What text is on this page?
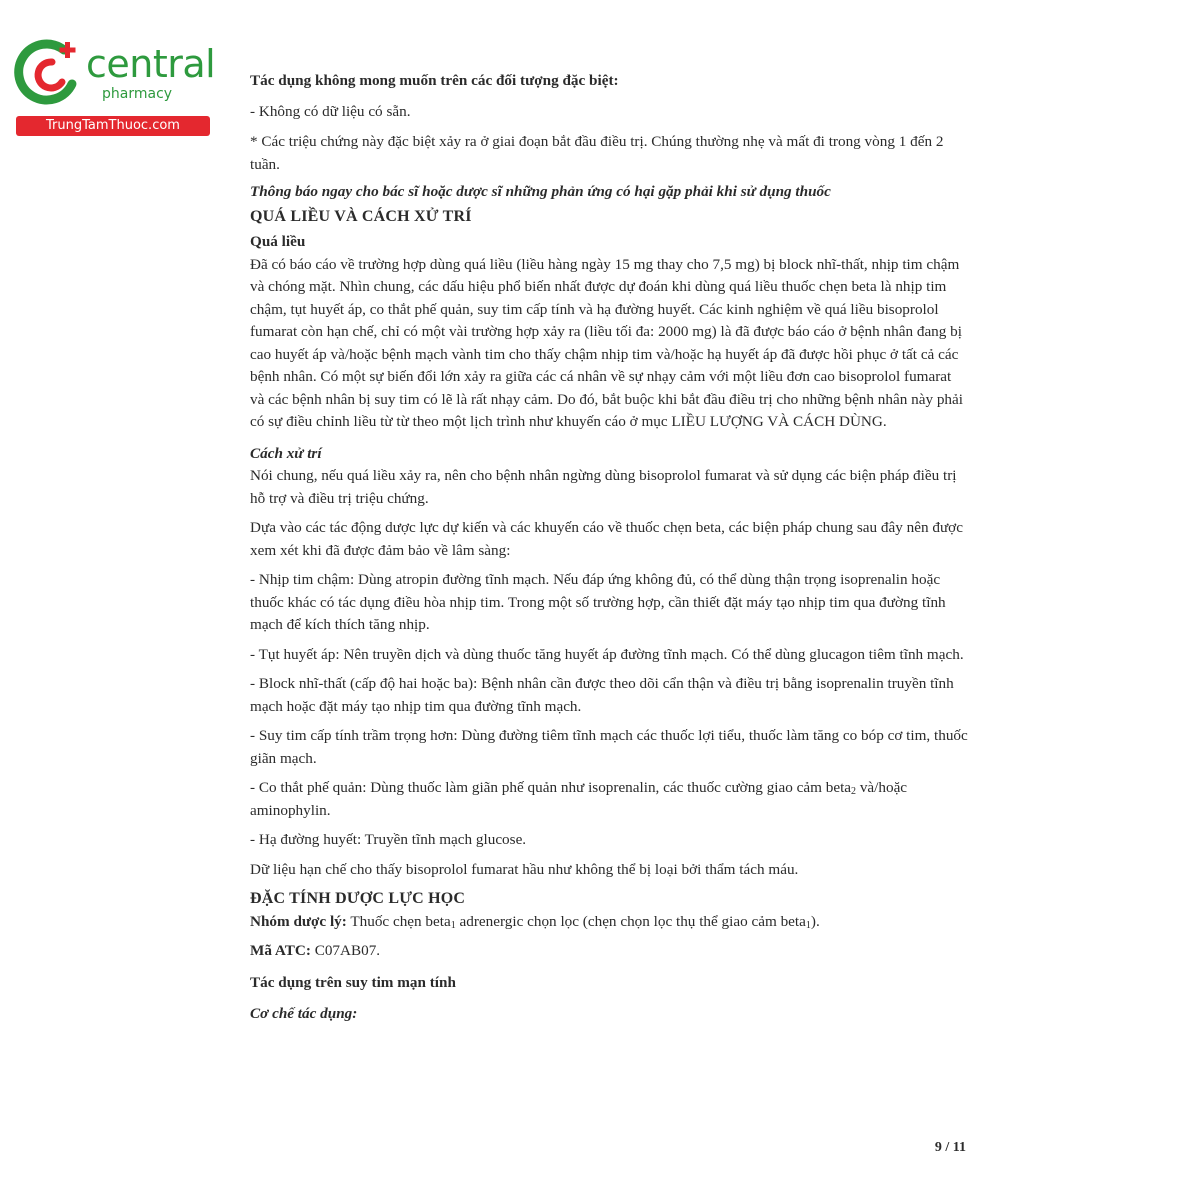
central
pharmacy
TrungTamThuoc.com

Tác dụng không mong muốn trên các đối tượng đặc biệt:

- Không có dữ liệu có sẵn.

* Các triệu chứng này đặc biệt xảy ra ở giai đoạn bắt đầu điều trị. Chúng thường nhẹ và mất đi trong vòng 1 đến 2 tuần.

Thông báo ngay cho bác sĩ hoặc dược sĩ những phản ứng có hại gặp phải khi sử dụng thuốc

QUÁ LIỀU VÀ CÁCH XỬ TRÍ

Quá liều

Đã có báo cáo về trường hợp dùng quá liều (liều hàng ngày 15 mg thay cho 7,5 mg) bị block nhĩ-thất, nhịp tim chậm và chóng mặt. Nhìn chung, các dấu hiệu phổ biến nhất được dự đoán khi dùng quá liều thuốc chẹn beta là nhịp tim chậm, tụt huyết áp, co thắt phế quản, suy tim cấp tính và hạ đường huyết. Các kinh nghiệm về quá liều bisoprolol fumarat còn hạn chế, chỉ có một vài trường hợp xảy ra (liều tối đa: 2000 mg) là đã được báo cáo ở bệnh nhân đang bị cao huyết áp và/hoặc bệnh mạch vành tim cho thấy chậm nhịp tim và/hoặc hạ huyết áp đã được hồi phục ở tất cả các bệnh nhân. Có một sự biến đổi lớn xảy ra giữa các cá nhân về sự nhạy cảm với một liều đơn cao bisoprolol fumarat và các bệnh nhân bị suy tim có lẽ là rất nhạy cảm. Do đó, bắt buộc khi bắt đầu điều trị cho những bệnh nhân này phải có sự điều chỉnh liều từ từ theo một lịch trình như khuyến cáo ở mục LIỀU LƯỢNG VÀ CÁCH DÙNG.

Cách xử trí

Nói chung, nếu quá liều xảy ra, nên cho bệnh nhân ngừng dùng bisoprolol fumarat và sử dụng các biện pháp điều trị hỗ trợ và điều trị triệu chứng.

Dựa vào các tác động dược lực dự kiến và các khuyến cáo về thuốc chẹn beta, các biện pháp chung sau đây nên được xem xét khi đã được đảm bảo về lâm sàng:

- Nhịp tim chậm: Dùng atropin đường tĩnh mạch. Nếu đáp ứng không đủ, có thể dùng thận trọng isoprenalin hoặc thuốc khác có tác dụng điều hòa nhịp tim. Trong một số trường hợp, cần thiết đặt máy tạo nhịp tim qua đường tĩnh mạch để kích thích tăng nhịp.

- Tụt huyết áp: Nên truyền dịch và dùng thuốc tăng huyết áp đường tĩnh mạch. Có thể dùng glucagon tiêm tĩnh mạch.

- Block nhĩ-thất (cấp độ hai hoặc ba): Bệnh nhân cần được theo dõi cẩn thận và điều trị bằng isoprenalin truyền tĩnh mạch hoặc đặt máy tạo nhịp tim qua đường tĩnh mạch.

- Suy tim cấp tính trầm trọng hơn: Dùng đường tiêm tĩnh mạch các thuốc lợi tiểu, thuốc làm tăng co bóp cơ tim, thuốc giãn mạch.

- Co thắt phế quản: Dùng thuốc làm giãn phế quản như isoprenalin, các thuốc cường giao cảm beta$_2$ và/hoặc aminophylin.

- Hạ đường huyết: Truyền tĩnh mạch glucose.

Dữ liệu hạn chế cho thấy bisoprolol fumarat hầu như không thể bị loại bởi thẩm tách máu.

ĐẶC TÍNH DƯỢC LỰC HỌC

Nhóm dược lý: Thuốc chẹn beta$_1$ adrenergic chọn lọc (chẹn chọn lọc thụ thể giao cảm beta$_1$).

Mã ATC: C07AB07.

Tác dụng trên suy tim mạn tính

Cơ chế tác dụng:

9 / 11
